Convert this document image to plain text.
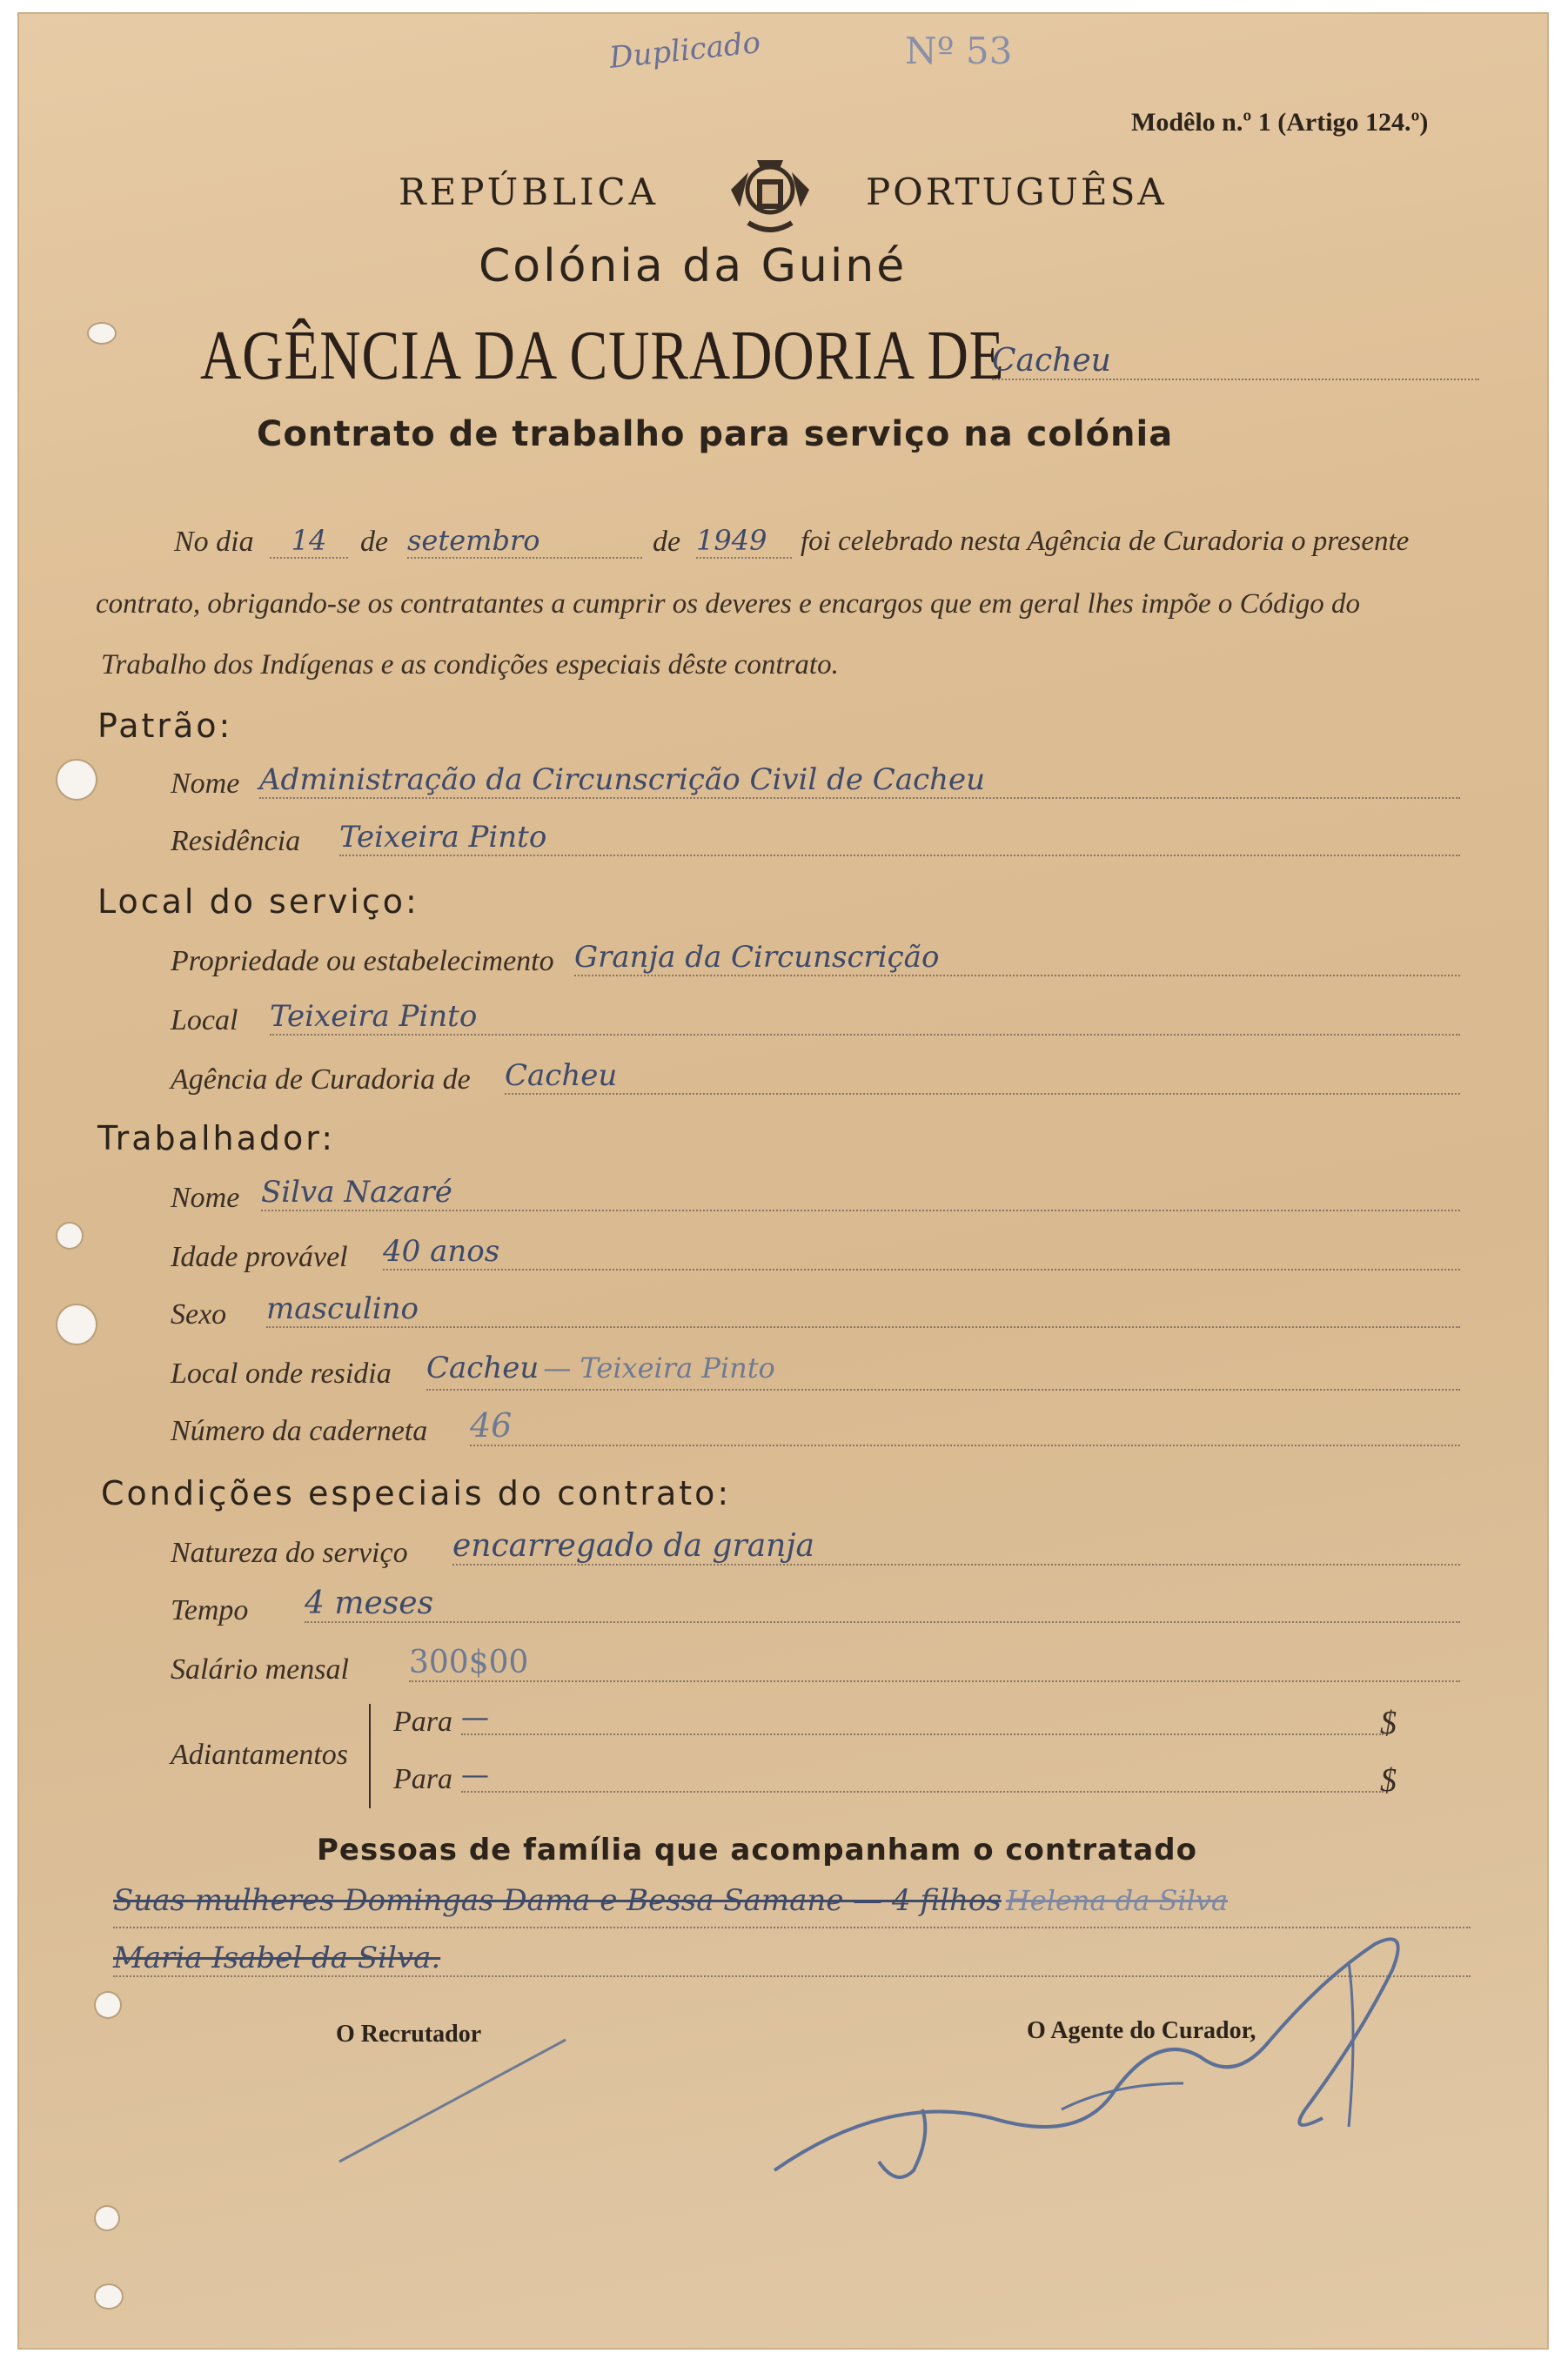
Duplicado	Nº 53
Modêlo n.º 1 (Artigo 124.º)
REPÚBLICA	PORTUGUÊSA
Colónia da Guiné
AGÊNCIA DA CURADORIA DE
Cacheu
Contrato de trabalho para serviço na colónia
No dia	14	de setembro	de 1949	foi celebrado nesta Agência de Curadoria o presente
contrato, obrigando-se os contratantes a cumprir os deveres e encargos que em geral lhes impõe o Código do
Trabalho dos Indígenas e as condições especiais dêste contrato.
Patrão:
Nome Administração da Circunscrição Civil de Cacheu
Residência Teixeira Pinto
Local do serviço:
Propriedade ou estabelecimento Granja da Circunscrição
Local Teixeira Pinto
Agência de Curadoria de Cacheu
Trabalhador:
Nome Silva Nazaré
Idade provável 40 anos
Sexo masculino
Local onde residia Cacheu — Teixeira Pinto
Número da caderneta 46
Condições especiais do contrato:
Natureza do serviço encarregado da granja
Tempo 4 meses
Salário mensal 300$00
Adiantamentos
Para —	$
Para —	$
Pessoas de família que acompanham o contratado
Suas mulheres Domingas Dama e Bessa Samane — 4 filhos Helena da Silva
Maria Isabel da Silva.
O Recrutador	O Agente do Curador,
